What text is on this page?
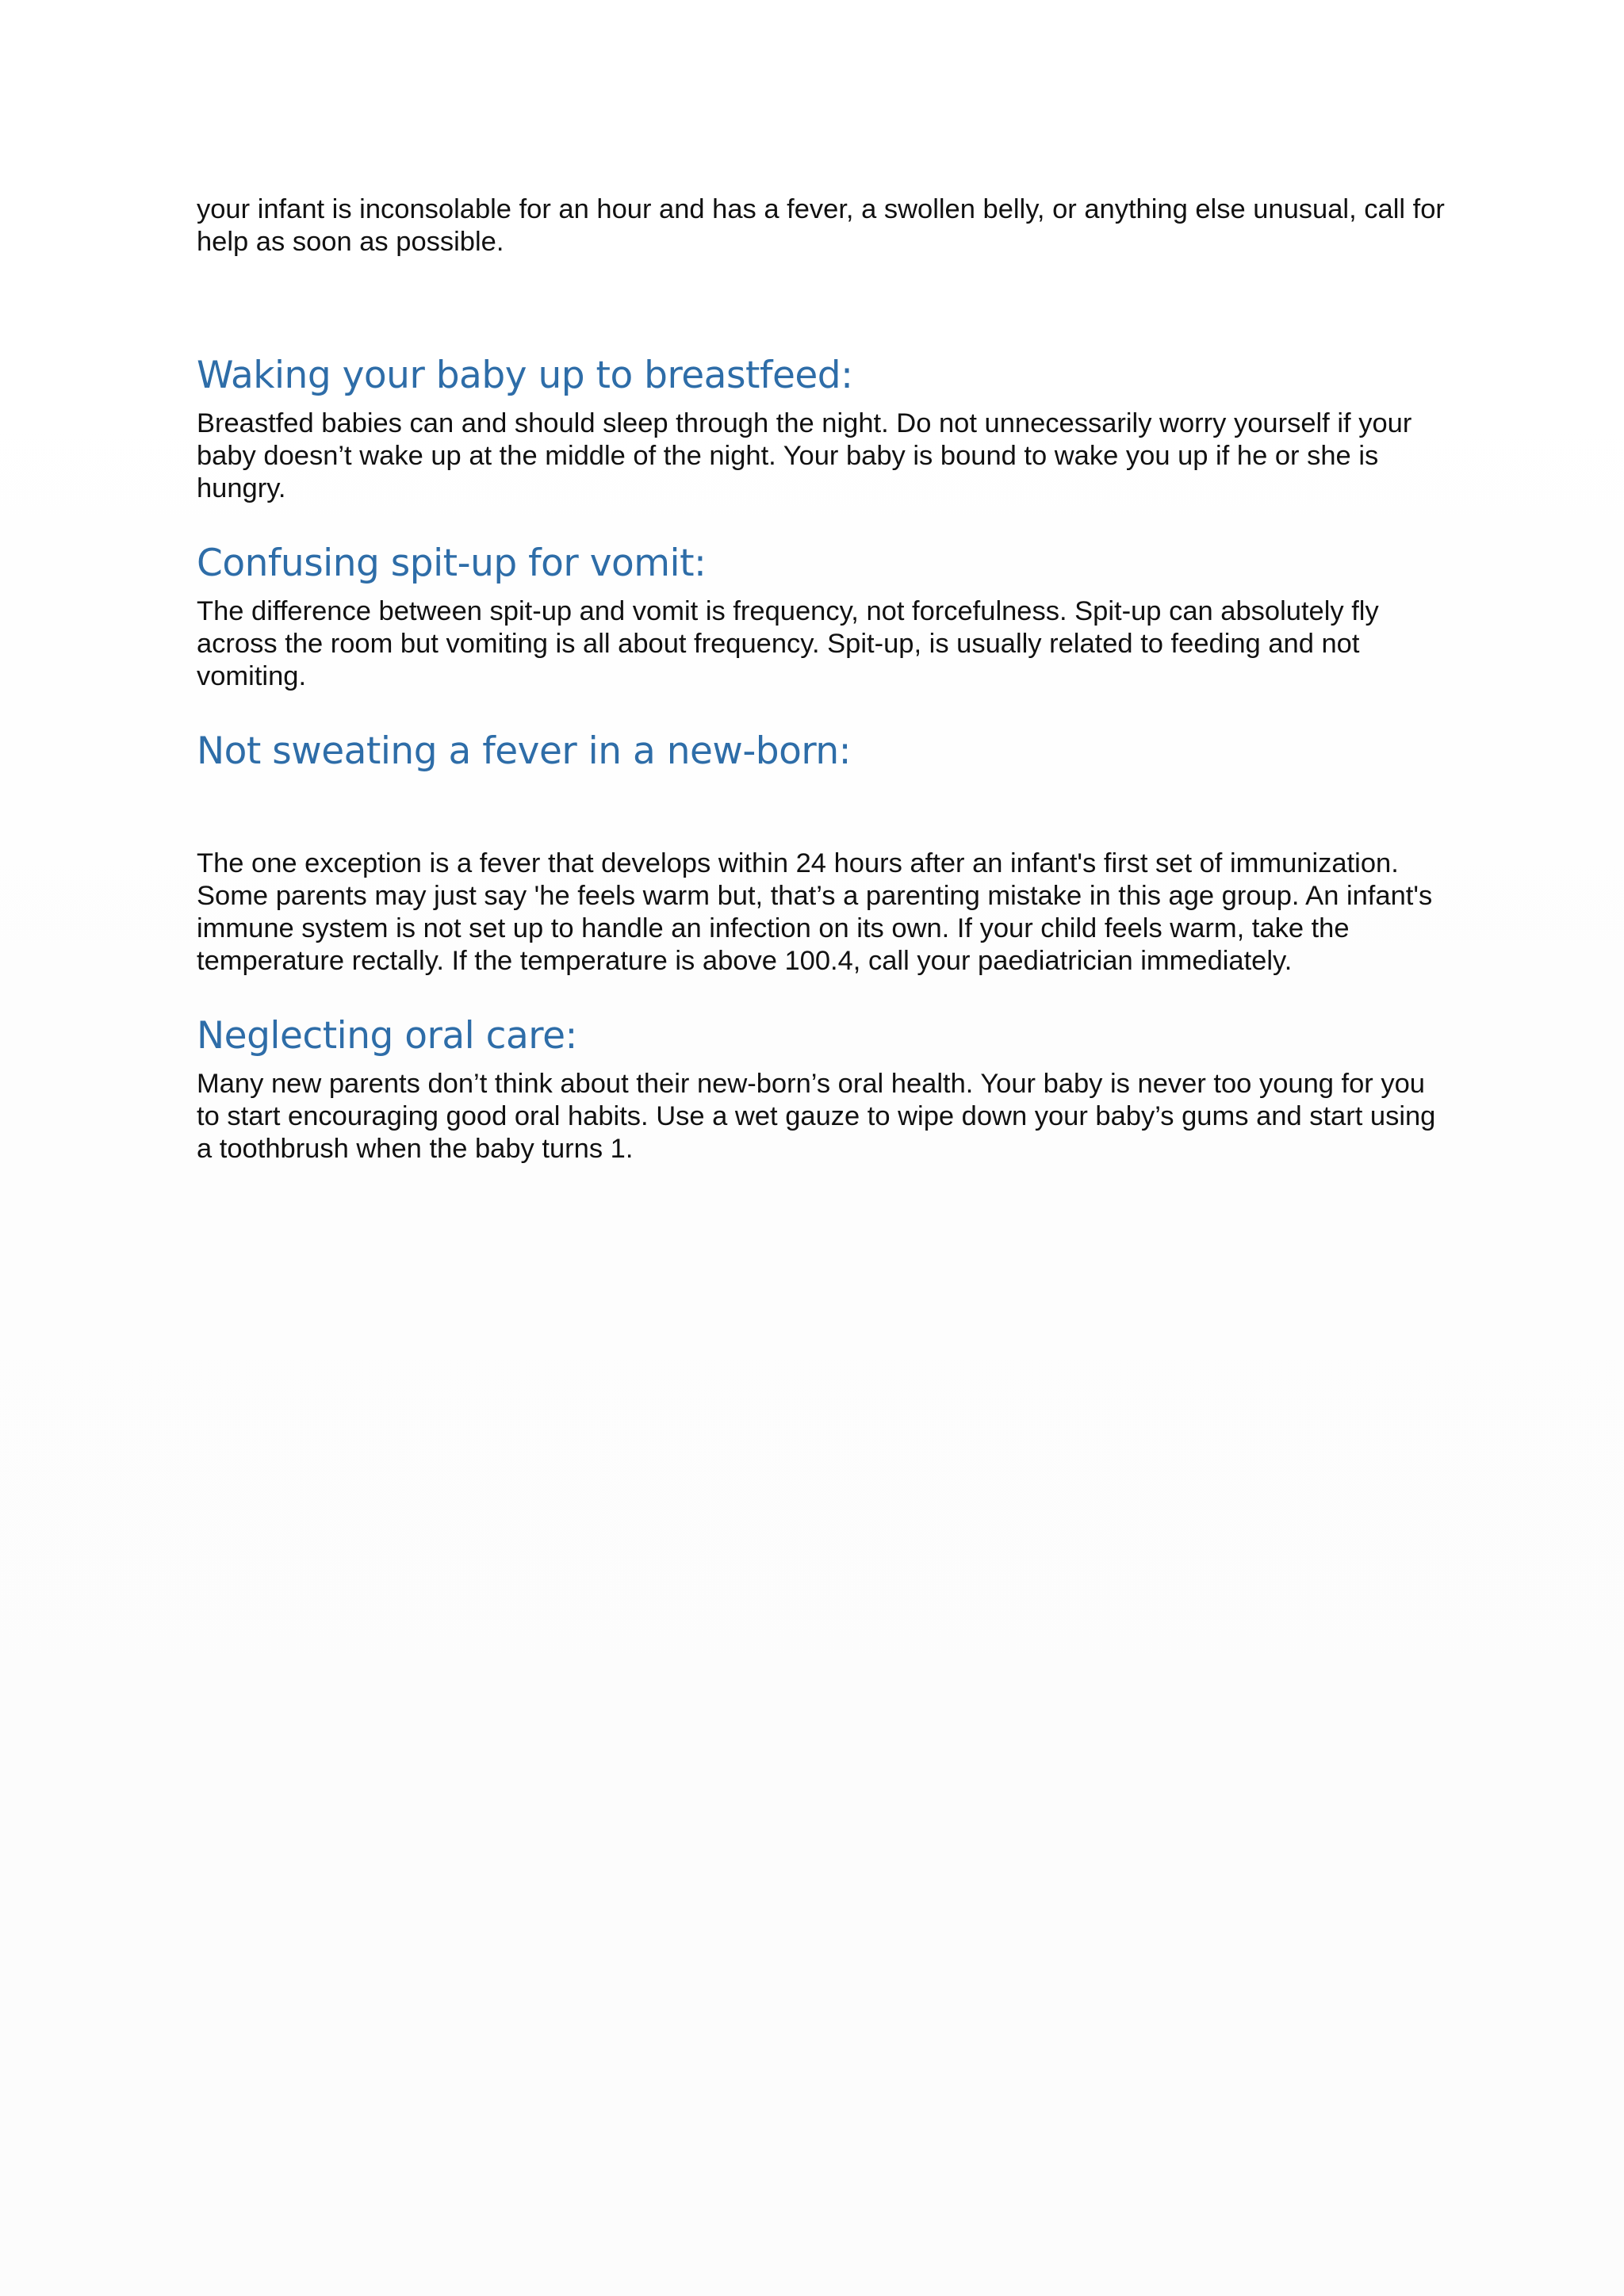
your infant is inconsolable for an hour and has a fever, a swollen belly, or anything else unusual, call for help as soon as possible.

Waking your baby up to breastfeed:

Breastfed babies can and should sleep through the night. Do not unnecessarily worry yourself if your baby doesn’t wake up at the middle of the night. Your baby is bound to wake you up if he or she is hungry.

Confusing spit-up for vomit:

The difference between spit-up and vomit is frequency, not forcefulness. Spit-up can absolutely fly across the room but vomiting is all about frequency. Spit-up, is usually related to feeding and not vomiting.

Not sweating a fever in a new-born:

The one exception is a fever that develops within 24 hours after an infant's first set of immunization. Some parents may just say 'he feels warm but, that’s a parenting mistake in this age group. An infant's immune system is not set up to handle an infection on its own. If your child feels warm, take the temperature rectally. If the temperature is above 100.4, call your paediatrician immediately.

Neglecting oral care:

Many new parents don’t think about their new-born’s oral health. Your baby is never too young for you to start encouraging good oral habits. Use a wet gauze to wipe down your baby’s gums and start using a toothbrush when the baby turns 1.
